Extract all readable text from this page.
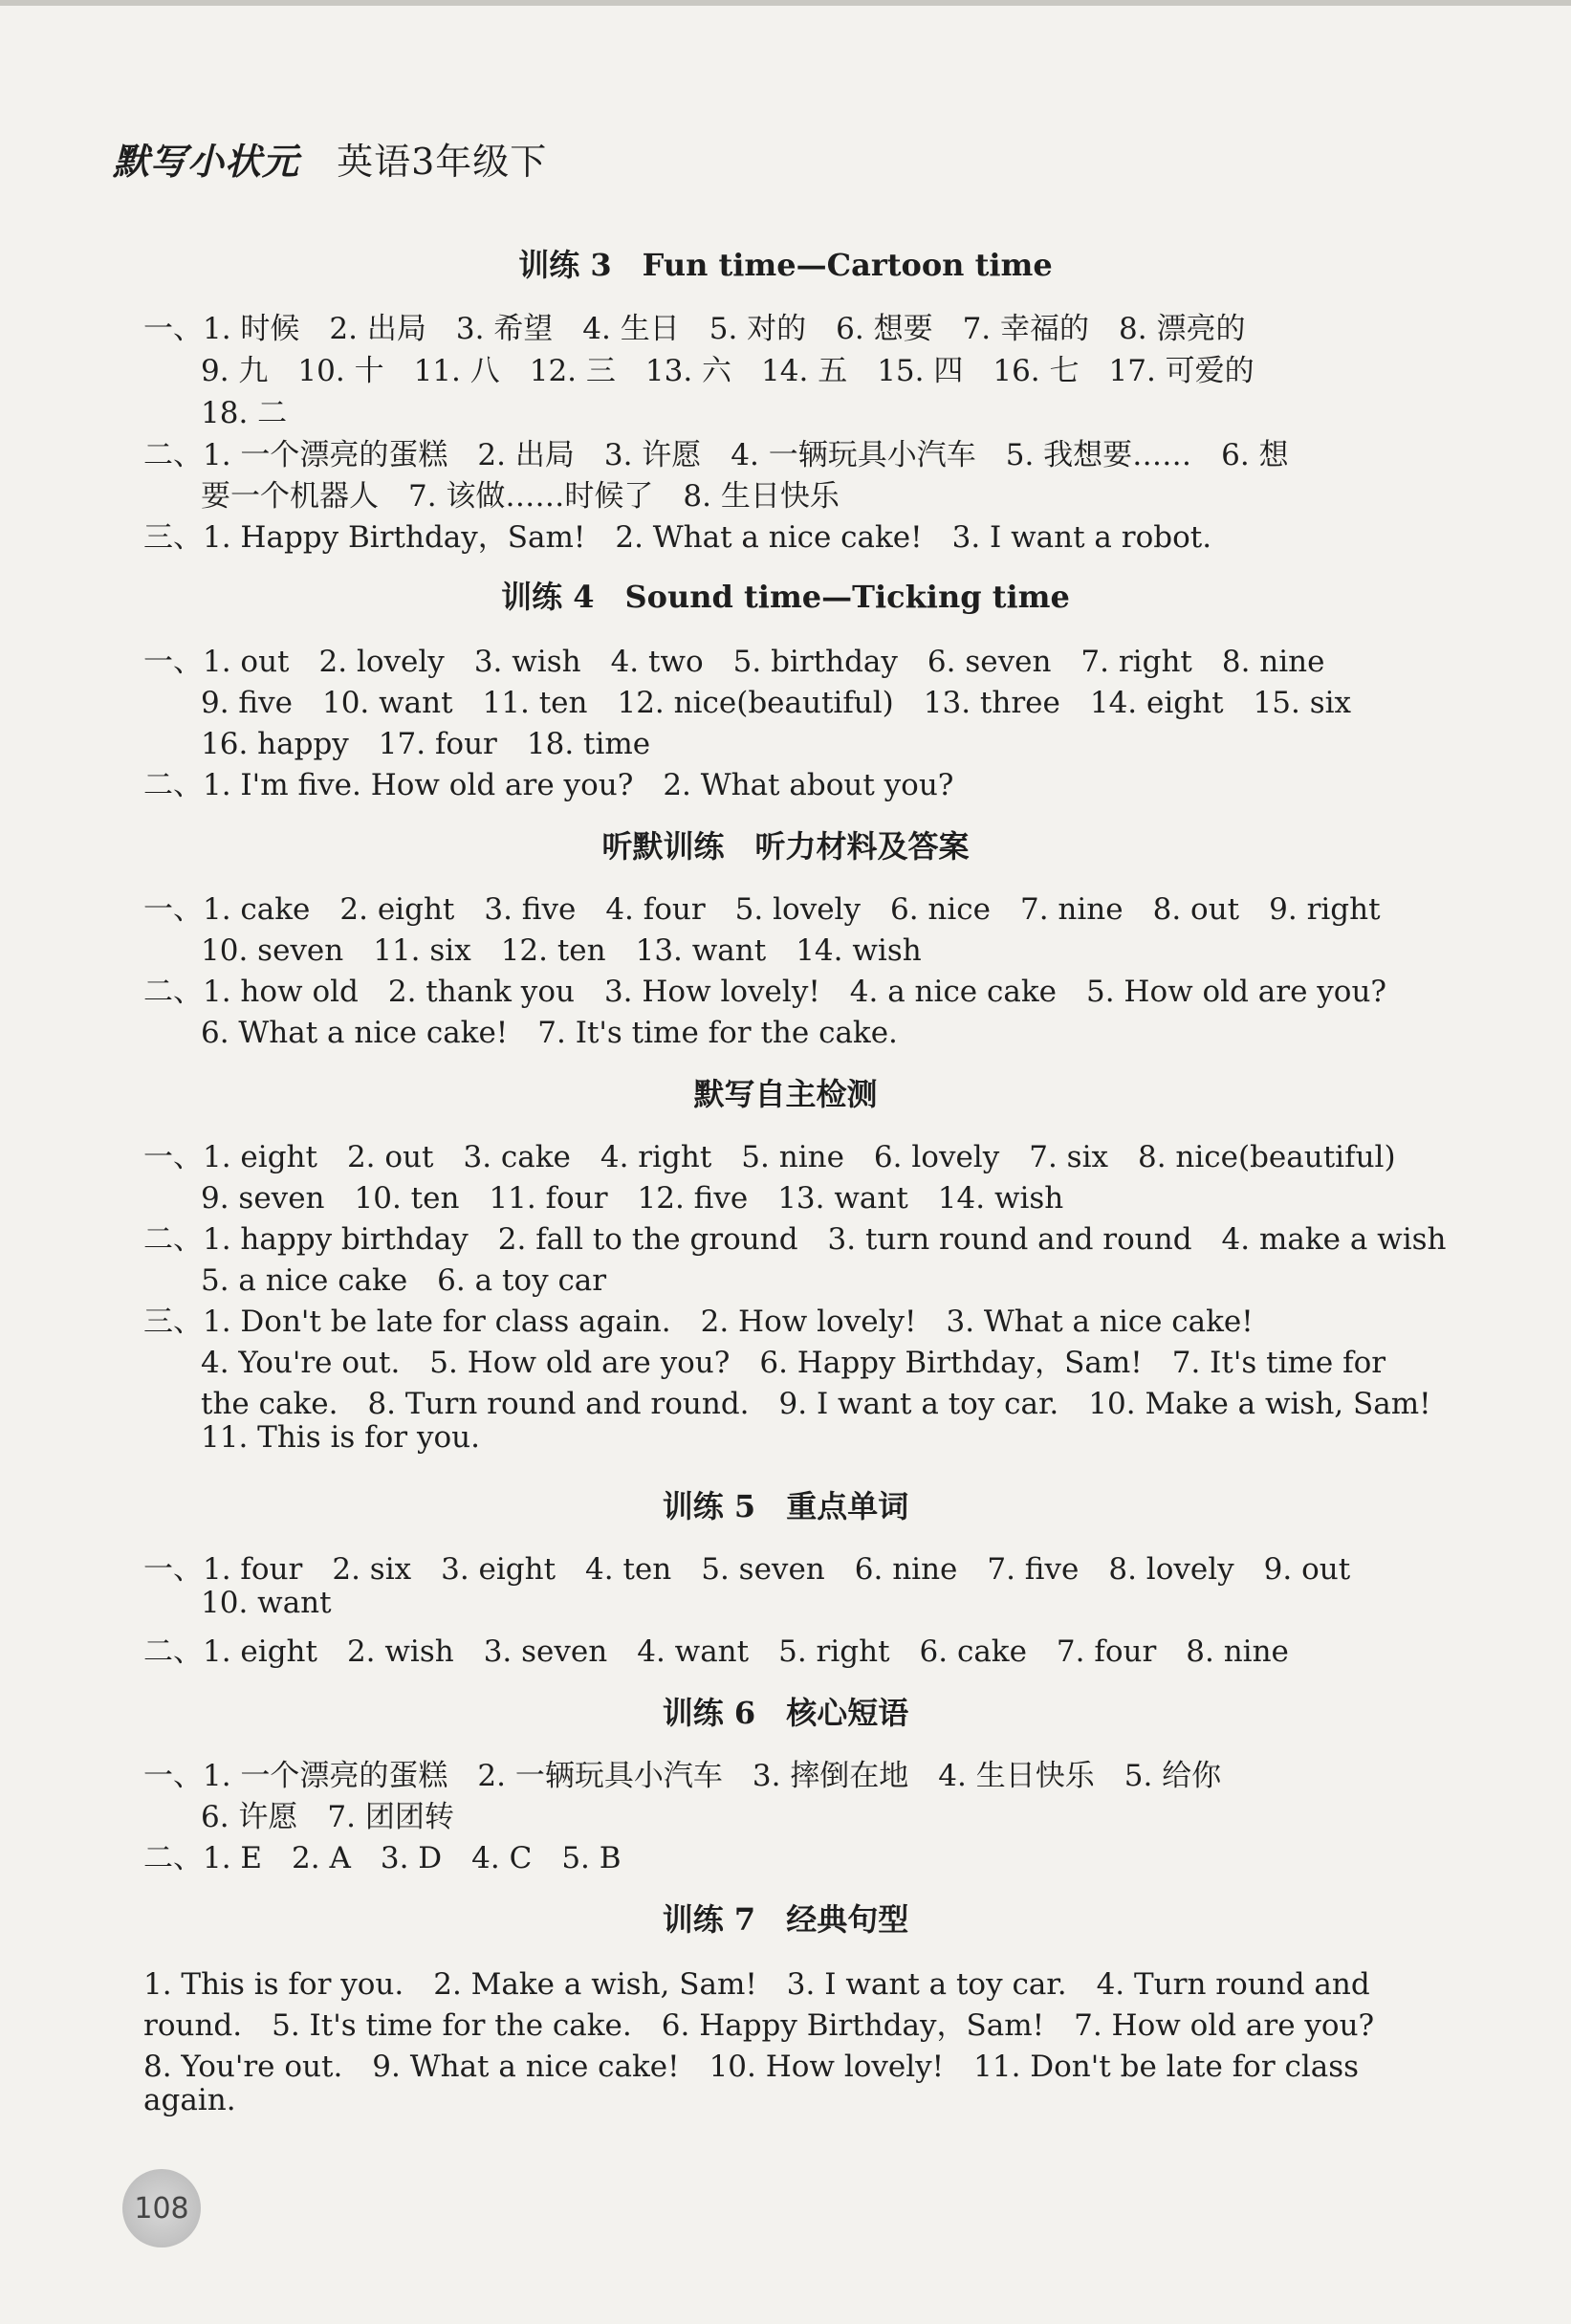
默写小状元 英语3年级下
训练 3　Fun time—Cartoon time
一、1. 时候　2. 出局　3. 希望　4. 生日　5. 对的　6. 想要　7. 幸福的　8. 漂亮的
9. 九　10. 十　11. 八　12. 三　13. 六　14. 五　15. 四　16. 七　17. 可爱的
18. 二
二、1. 一个漂亮的蛋糕　2. 出局　3. 许愿　4. 一辆玩具小汽车　5. 我想要……　6. 想
要一个机器人　7. 该做……时候了　8. 生日快乐
三、1. Happy Birthday，Sam!　2. What a nice cake!　3. I want a robot.
训练 4　Sound time—Ticking time
一、1. out　2. lovely　3. wish　4. two　5. birthday　6. seven　7. right　8. nine
9. five　10. want　11. ten　12. nice(beautiful)　13. three　14. eight　15. six
16. happy　17. four　18. time
二、1. I'm five. How old are you?　2. What about you?
听默训练　听力材料及答案
一、1. cake　2. eight　3. five　4. four　5. lovely　6. nice　7. nine　8. out　9. right
10. seven　11. six　12. ten　13. want　14. wish
二、1. how old　2. thank you　3. How lovely!　4. a nice cake　5. How old are you?
6. What a nice cake!　7. It's time for the cake.
默写自主检测
一、1. eight　2. out　3. cake　4. right　5. nine　6. lovely　7. six　8. nice(beautiful)
9. seven　10. ten　11. four　12. five　13. want　14. wish
二、1. happy birthday　2. fall to the ground　3. turn round and round　4. make a wish
5. a nice cake　6. a toy car
三、1. Don't be late for class again.　2. How lovely!　3. What a nice cake!
4. You're out.　5. How old are you?　6. Happy Birthday，Sam!　7. It's time for
the cake.　8. Turn round and round.　9. I want a toy car.　10. Make a wish, Sam!
11. This is for you.
训练 5　重点单词
一、1. four　2. six　3. eight　4. ten　5. seven　6. nine　7. five　8. lovely　9. out
10. want
二、1. eight　2. wish　3. seven　4. want　5. right　6. cake　7. four　8. nine
训练 6　核心短语
一、1. 一个漂亮的蛋糕　2. 一辆玩具小汽车　3. 摔倒在地　4. 生日快乐　5. 给你
6. 许愿　7. 团团转
二、1. E　2. A　3. D　4. C　5. B
训练 7　经典句型
1. This is for you.　2. Make a wish, Sam!　3. I want a toy car.　4. Turn round and
round.　5. It's time for the cake.　6. Happy Birthday，Sam!　7. How old are you?
8. You're out.　9. What a nice cake!　10. How lovely!　11. Don't be late for class
again.
108
